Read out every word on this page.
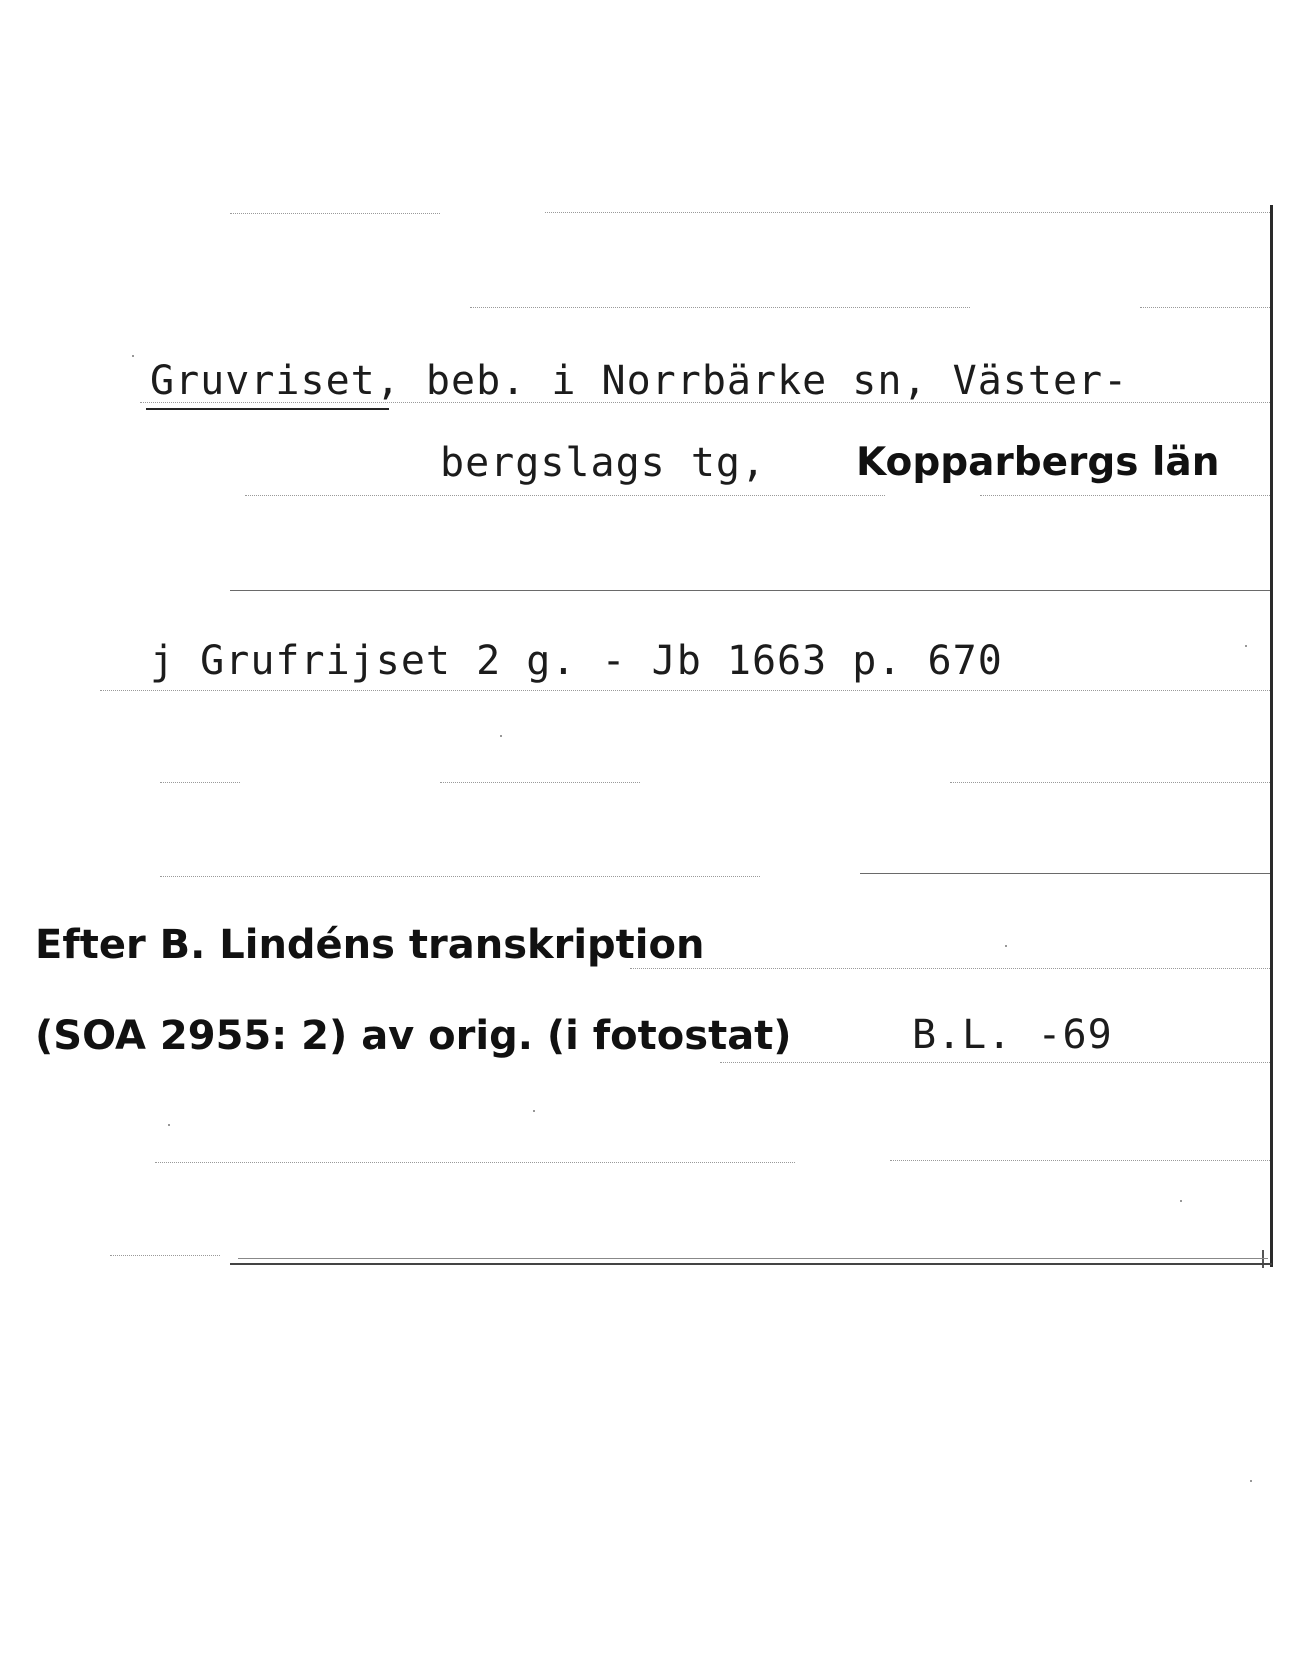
Gruvriset, beb. i Norrbärke sn, Väster-
bergslags tg, Kopparbergs län
j Grufrijset 2 g. - Jb 1663 p. 670
Efter B. Lindéns transkription
(SOA 2955: 2) av orig. (i fotostat)	B.L. -69
